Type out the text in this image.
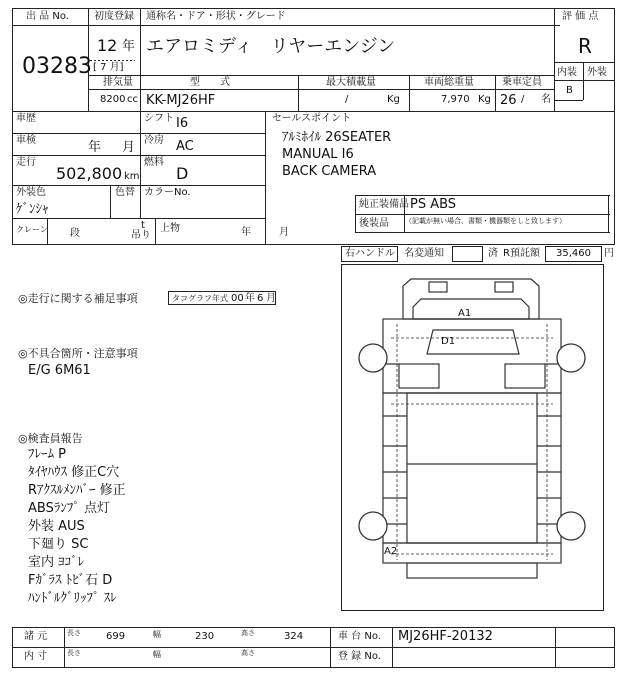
出 品 No.
03283
初度登録
12 年
[ 7 月]
通称名・ドア・形状・グレード
エアロミディ　リヤーエンジン
評 価 点
R
内装 外装
B
排気量
8200 cc
型　　式
KK-MJ26HF
最大積載量
/	Kg
車両総重量
7,970 Kg
乗車定員
26 / 名
車歴	シフト I6
車検	年 月 冷房 AC
走行
502,800 km
燃料
D
外装色
ｹﾞﾝｼｬ
色替 カラーNo.
セールスポイント
ｱﾙﾐﾎｲﾙ 26SEATER
MANUAL I6
BACK CAMERA
純正装備品 PS ABS
後装品 （記載が無い場合、書類・機器類をしと致します）
クレーン 段
t
吊り
上物	年	月
右ハンドル 名変通知	済 R預託額 35,460 円
◎走行に関する補足事項	タコグラフ年式 00 年 6 月
◎不具合箇所・注意事項
E/G 6M61
◎検査員報告
ﾌﾚｰﾑ P
ﾀｲﾔﾊｳｽ 修正C穴
Rｱｸｽﾙﾒﾝﾊﾞｰ 修正
ABSﾗﾝﾌﾟ 点灯
外装 AUS
下廻り SC
室内 ﾖｺﾞﾚ
Fｶﾞﾗｽ ﾄﾋﾞ石 D
ﾊﾝﾄﾞﾙｸﾞﾘｯﾌﾟ ｽﾚ
A1
D1
A2
諸 元	長さ	699	幅	230	高さ	324	車 台 No. MJ26HF-20132
内 寸	長さ	幅	高さ	登 録 No.
